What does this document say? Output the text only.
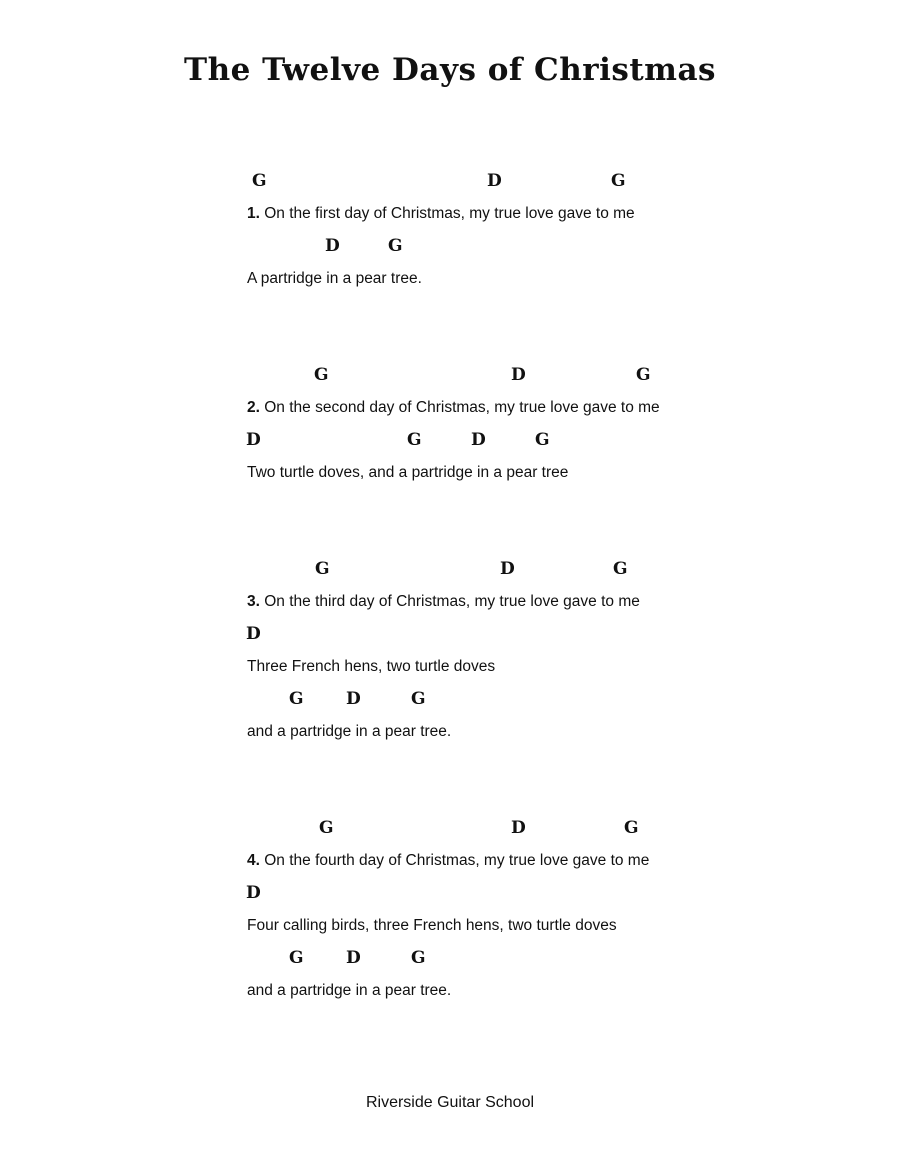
The Twelve Days of Christmas
G	D	G
1. On the first day of Christmas, my true love gave to me
D	G
A partridge in a pear tree.
G	D	G
2. On the second day of Christmas, my true love gave to me
D	G	D	G
Two turtle doves, and a partridge in a pear tree
G	D	G
3. On the third day of Christmas, my true love gave to me
D
Three French hens, two turtle doves
G D	G
and a partridge in a pear tree.
G	D	G
4. On the fourth day of Christmas, my true love gave to me
D
Four calling birds, three French hens, two turtle doves
G D	G
and a partridge in a pear tree.
Riverside Guitar School
